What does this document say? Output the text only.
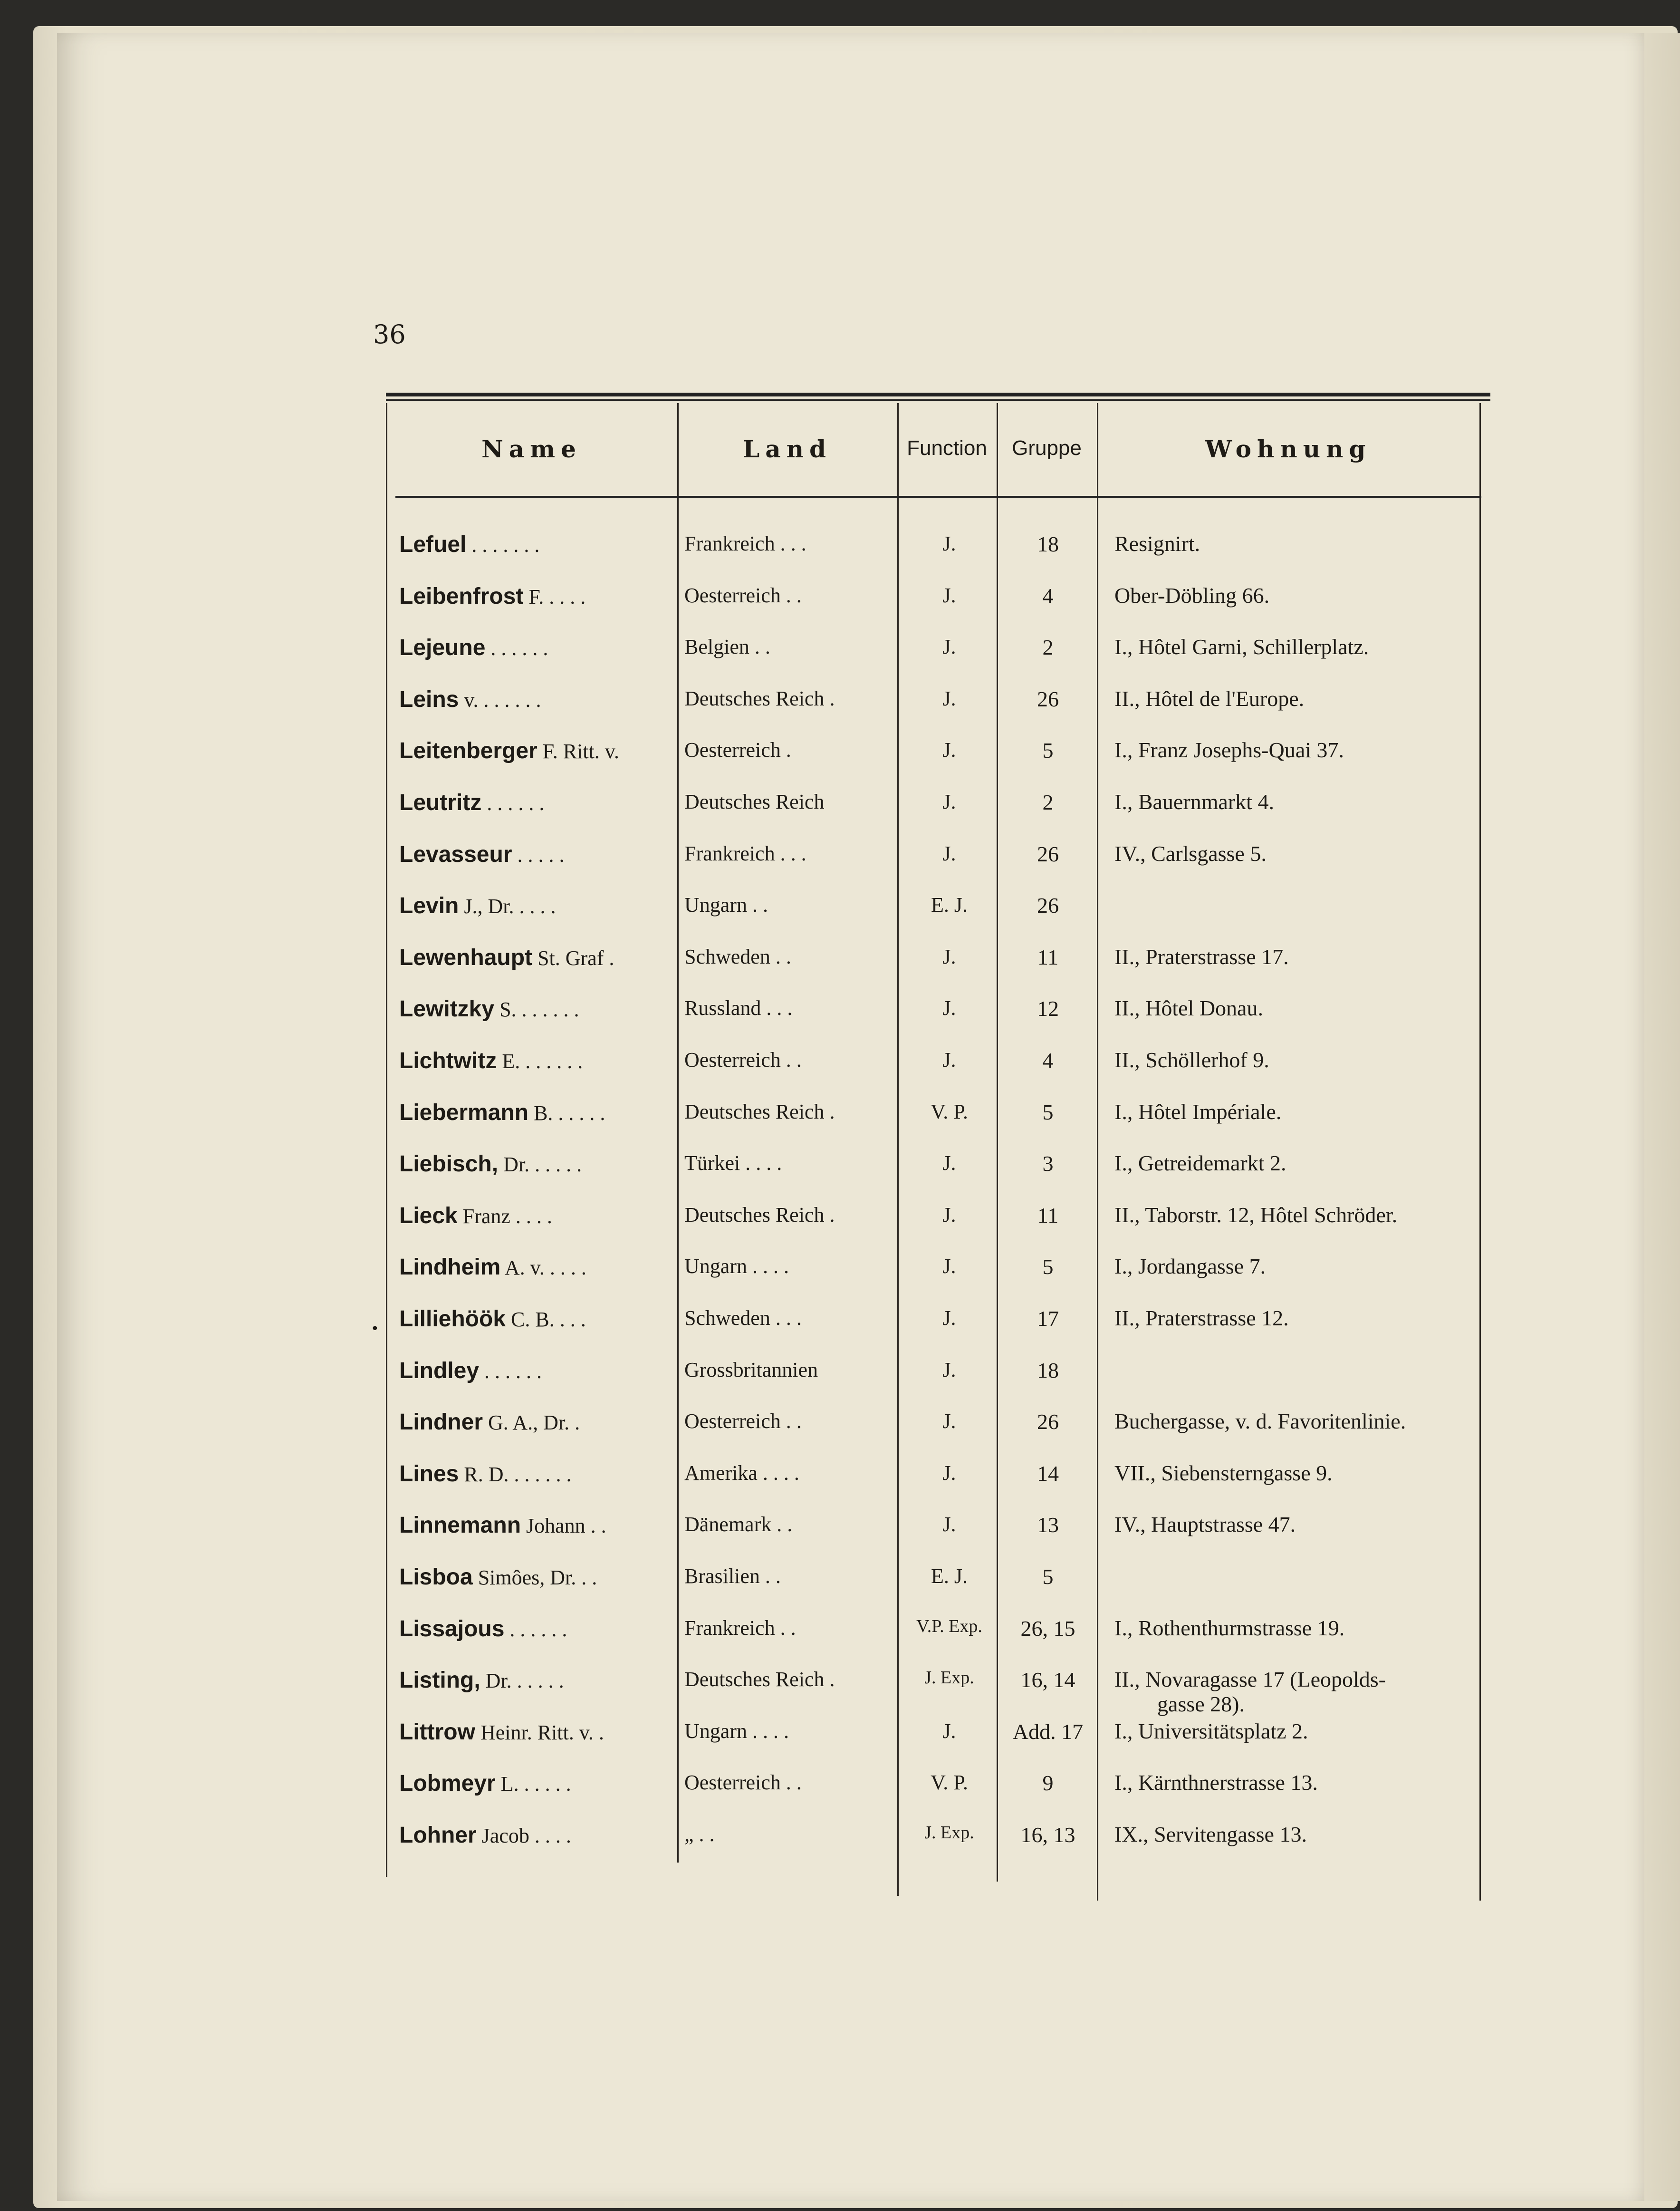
36
Name	Land	Function	Gruppe	Wohnung
•
Lefuel . . . . . . .	Frankreich . . .	J.	18	Resignirt.
Leibenfrost F. . . . .	Oesterreich . .	J.	4	Ober-Döbling 66.
Lejeune . . . . . .	Belgien . .	J.	2	I., Hôtel Garni, Schillerplatz.
Leins v. . . . . . .	Deutsches Reich .	J.	26	II., Hôtel de l'Europe.
Leitenberger F. Ritt. v.	Oesterreich .	J.	5	I., Franz Josephs-Quai 37.
Leutritz . . . . . .	Deutsches Reich	J.	2	I., Bauernmarkt 4.
Levasseur . . . . .	Frankreich . . .	J.	26	IV., Carlsgasse 5.
Levin J., Dr. . . . .	Ungarn . .	E. J.	26
Lewenhaupt St. Graf .	Schweden . .	J.	11	II., Praterstrasse 17.
Lewitzky S. . . . . . .	Russland . . .	J.	12	II., Hôtel Donau.
Lichtwitz E. . . . . . .	Oesterreich . .	J.	4	II., Schöllerhof 9.
Liebermann B. . . . . .	Deutsches Reich .	V. P.	5	I., Hôtel Impériale.
Liebisch, Dr. . . . . .	Türkei . . . .	J.	3	I., Getreidemarkt 2.
Lieck Franz . . . .	Deutsches Reich .	J.	11	II., Taborstr. 12, Hôtel Schröder.
Lindheim A. v. . . . .	Ungarn . . . .	J.	5	I., Jordangasse 7.
Lilliehöök C. B. . . .	Schweden . . .	J.	17	II., Praterstrasse 12.
Lindley . . . . . .	Grossbritannien	J.	18
Lindner G. A., Dr. .	Oesterreich . .	J.	26	Buchergasse, v. d. Favoritenlinie.
Lines R. D. . . . . . .	Amerika . . . .	J.	14	VII., Siebensterngasse 9.
Linnemann Johann . .	Dänemark . .	J.	13	IV., Hauptstrasse 47.
Lisboa Simôes, Dr. . .	Brasilien . .	E. J.	5
Lissajous . . . . . .	Frankreich . .	V.P. Exp.	26, 15	I., Rothenthurmstrasse 19.
Listing, Dr. . . . . .	Deutsches Reich .	J. Exp.	16, 14	II., Novaragasse 17 (Leopolds-
gasse 28).
Littrow Heinr. Ritt. v. .	Ungarn . . . .	J.	Add. 17	I., Universitätsplatz 2.
Lobmeyr L. . . . . .	Oesterreich . .	V. P.	9	I., Kärnthnerstrasse 13.
Lohner Jacob . . . .	„ . .	J. Exp.	16, 13	IX., Servitengasse 13.
